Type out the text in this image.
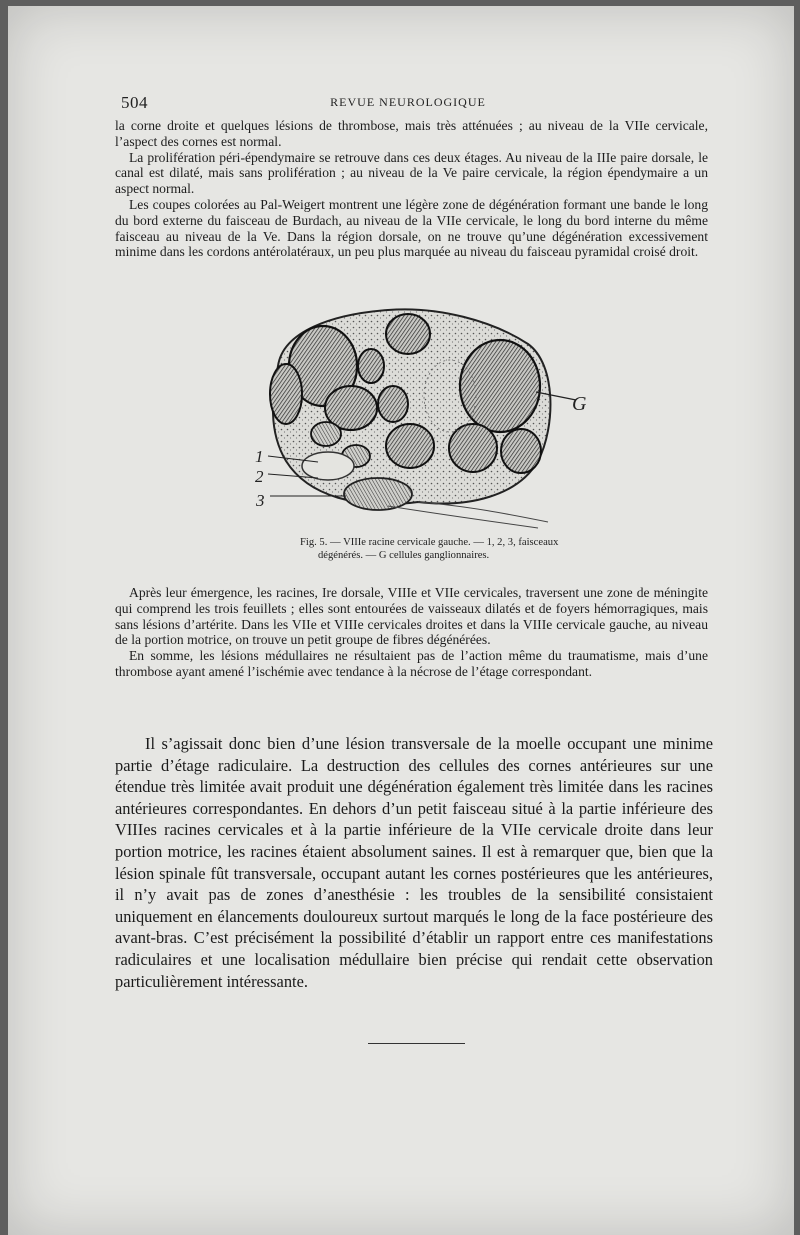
504	REVUE NEUROLOGIQUE

la corne droite et quelques lésions de thrombose, mais très atténuées ; au niveau de la VIIe cervicale, l’aspect des cornes est normal.

La prolifération péri-épendymaire se retrouve dans ces deux étages. Au niveau de la IIIe paire dorsale, le canal est dilaté, mais sans prolifération ; au niveau de la Ve paire cervicale, la région épendymaire a un aspect normal.

Les coupes colorées au Pal-Weigert montrent une légère zone de dégénération formant une bande le long du bord externe du faisceau de Burdach, au niveau de la VIIe cervicale, le long du bord interne du même faisceau au niveau de la Ve. Dans la région dorsale, on ne trouve qu’une dégénération excessivement minime dans les cordons antérolatéraux, un peu plus marquée au niveau du faisceau pyramidal croisé droit.

G
1
2
3
Fig. 5. — VIIIe racine cervicale gauche. — 1, 2, 3, faisceaux
dégénérés. — G cellules ganglionnaires.

Après leur émergence, les racines, Ire dorsale, VIIIe et VIIe cervicales, traversent une zone de méningite qui comprend les trois feuillets ; elles sont entourées de vaisseaux dilatés et de foyers hémorragiques, mais sans lésions d’artérite. Dans les VIIe et VIIIe cervicales droites et dans la VIIIe cervicale gauche, au niveau de la portion motrice, on trouve un petit groupe de fibres dégénérées.

En somme, les lésions médullaires ne résultaient pas de l’action même du traumatisme, mais d’une thrombose ayant amené l’ischémie avec tendance à la nécrose de l’étage correspondant.

Il s’agissait donc bien d’une lésion transversale de la moelle occupant une minime partie d’étage radiculaire. La destruction des cellules des cornes antérieures sur une étendue très limitée avait produit une dégénération également très limitée dans les racines antérieures correspondantes. En dehors d’un petit faisceau situé à la partie inférieure des VIIIes racines cervicales et à la partie inférieure de la VIIe cervicale droite dans leur portion motrice, les racines étaient absolument saines. Il est à remarquer que, bien que la lésion spinale fût transversale, occupant autant les cornes postérieures que les antérieures, il n’y avait pas de zones d’anesthésie : les troubles de la sensibilité consistaient uniquement en élancements douloureux surtout marqués le long de la face postérieure des avant-bras. C’est précisément la possibilité d’établir un rapport entre ces manifestations radiculaires et une localisation médullaire bien précise qui rendait cette observation particulièrement intéressante.
